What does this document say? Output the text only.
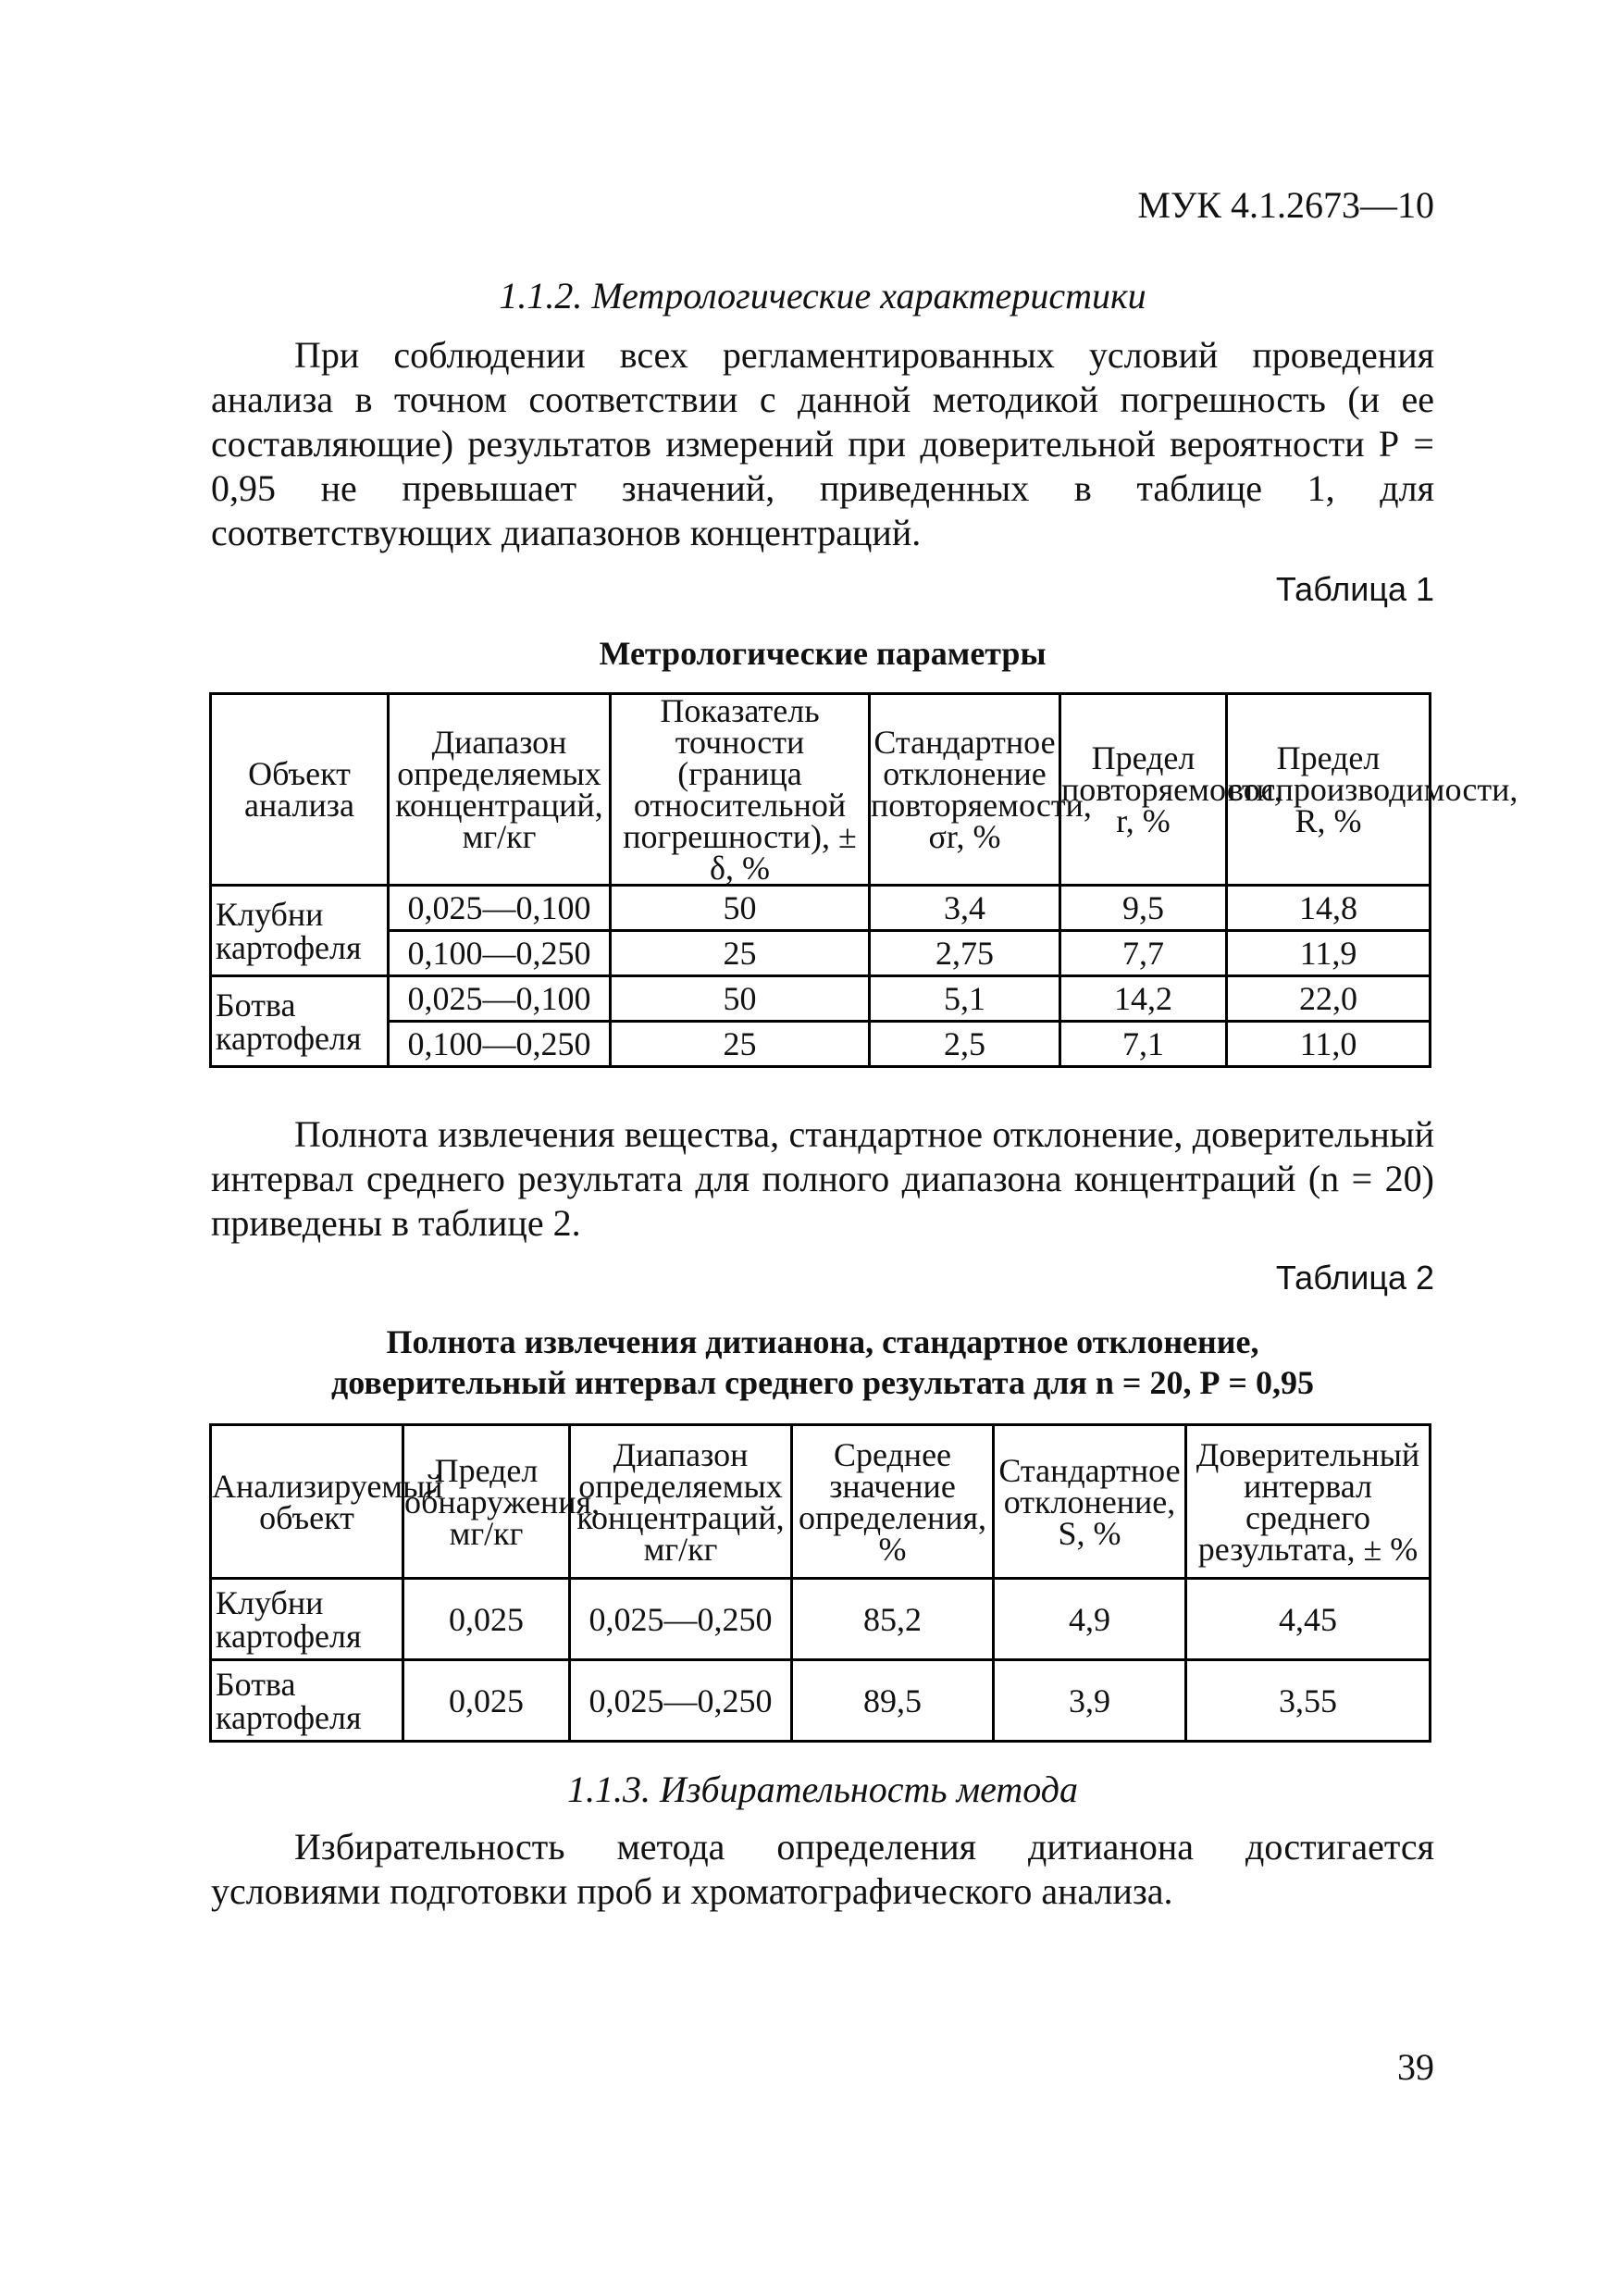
МУК 4.1.2673—10
1.1.2. Метрологические характеристики
При соблюдении всех регламентированных условий проведения анализа в точном соответствии с данной методикой погрешность (и ее составляющие) результатов измерений при доверительной вероятности Р = 0,95 не превышает значений, приведенных в таблице 1, для соответствующих диапазонов концентраций.
Таблица 1
Метрологические параметры
Объект анализа	Диапазон определяемых концентраций, мг/кг	Показатель точности (граница относительной погрешности), ± δ, %	Стандартное отклонение повторяемости, σr, %	Предел повторяемости, r, %	Предел воспроизводимости, R, %
Клубни картофеля	0,025—0,100	50	3,4	9,5	14,8
	0,100—0,250	25	2,75	7,7	11,9
Ботва картофеля	0,025—0,100	50	5,1	14,2	22,0
	0,100—0,250	25	2,5	7,1	11,0
Полнота извлечения вещества, стандартное отклонение, доверительный интервал среднего результата для полного диапазона концентраций (n = 20) приведены в таблице 2.
Таблица 2
Полнота извлечения дитианона, стандартное отклонение,
доверительный интервал среднего результата для n = 20, Р = 0,95
Анализируемый объект	Предел обнаружения, мг/кг	Диапазон определяемых концентраций, мг/кг	Среднее значение определения, %	Стандартное отклонение, S, %	Доверительный интервал среднего результата, ± %
Клубни картофеля	0,025	0,025—0,250	85,2	4,9	4,45
Ботва картофеля	0,025	0,025—0,250	89,5	3,9	3,55
1.1.3. Избирательность метода
Избирательность метода определения дитианона достигается условиями подготовки проб и хроматографического анализа.
39
